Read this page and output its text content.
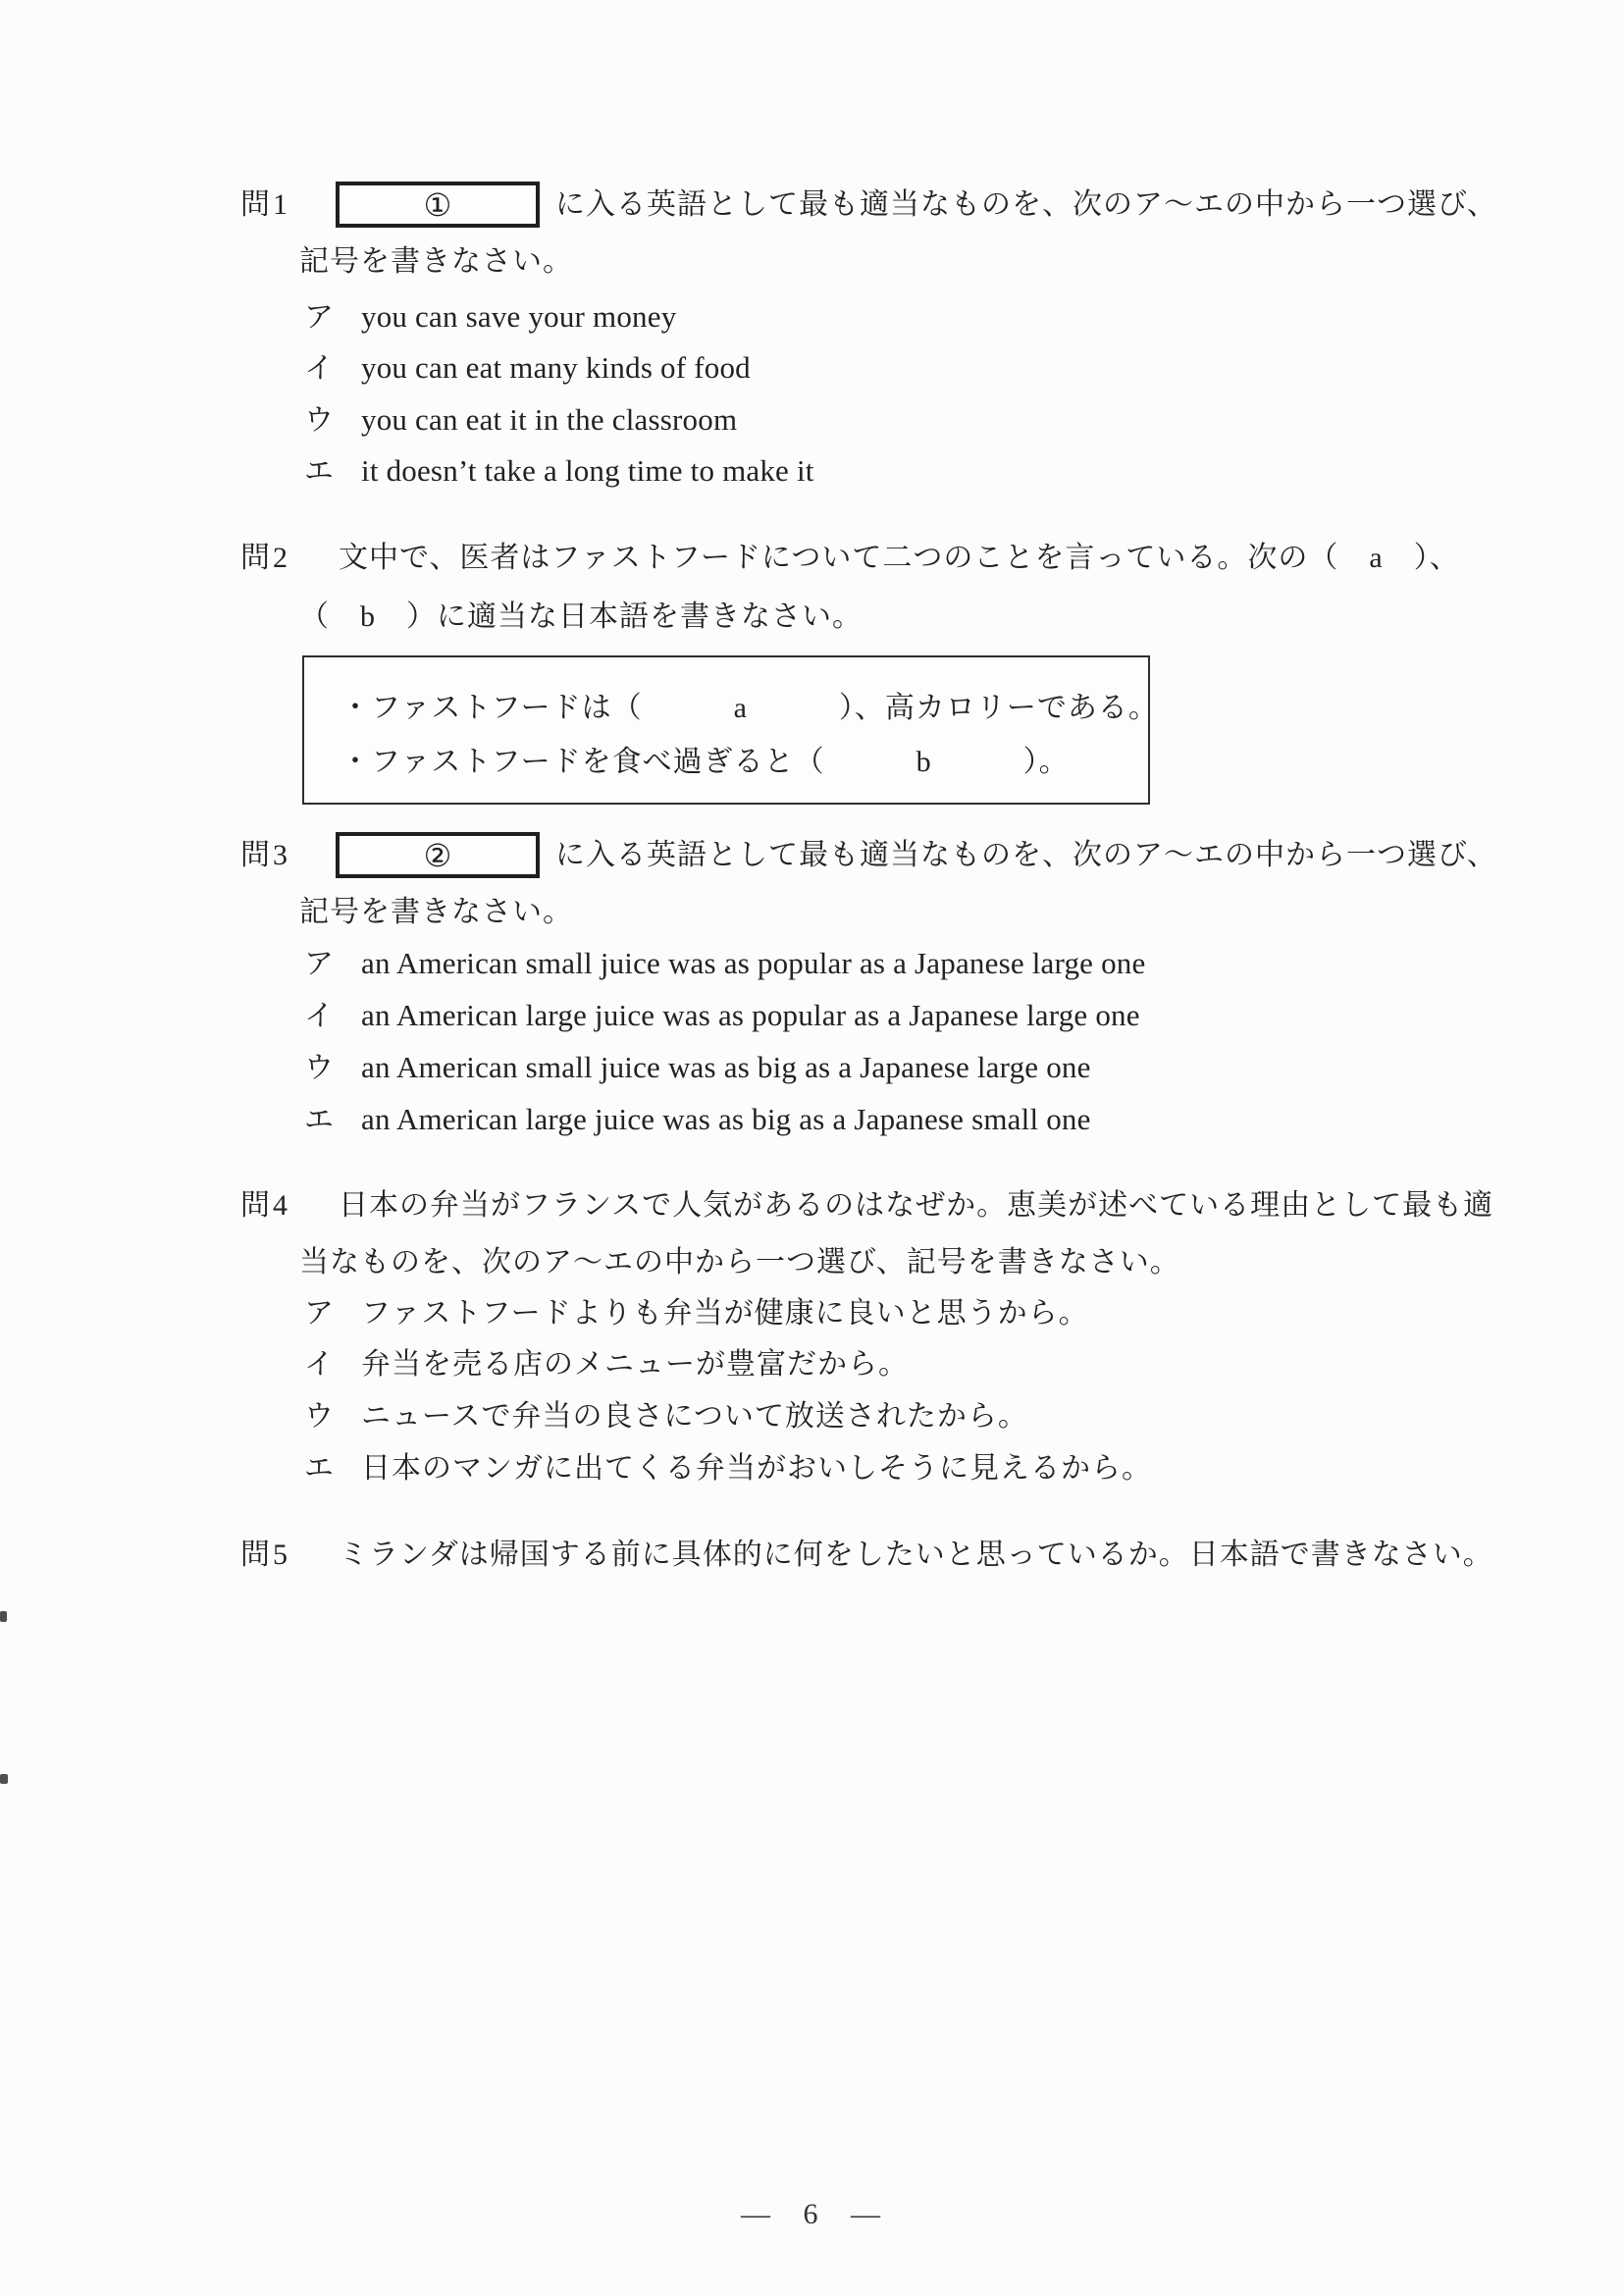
問1	①	に入る英語として最も適当なものを、次のア～エの中から一つ選び、
記号を書きなさい。
ア you can save your money
イ you can eat many kinds of food
ウ you can eat it in the classroom
エ it doesn’t take a long time to make it
問2	文中で、医者はファストフードについて二つのことを言っている。次の（　a　）、
（　b　）に適当な日本語を書きなさい。
・ファストフードは（　　　a　　　）、高カロリーである。
・ファストフードを食べ過ぎると（　　　b　　　）。
問3	②	に入る英語として最も適当なものを、次のア～エの中から一つ選び、
記号を書きなさい。
ア an American small juice was as popular as a Japanese large one
イ an American large juice was as popular as a Japanese large one
ウ an American small juice was as big as a Japanese large one
エ an American large juice was as big as a Japanese small one
問4	日本の弁当がフランスで人気があるのはなぜか。恵美が述べている理由として最も適
当なものを、次のア～エの中から一つ選び、記号を書きなさい。
ア ファストフードよりも弁当が健康に良いと思うから。
イ 弁当を売る店のメニューが豊富だから。
ウ ニュースで弁当の良さについて放送されたから。
エ 日本のマンガに出てくる弁当がおいしそうに見えるから。
問5	ミランダは帰国する前に具体的に何をしたいと思っているか。日本語で書きなさい。
— 6 —
